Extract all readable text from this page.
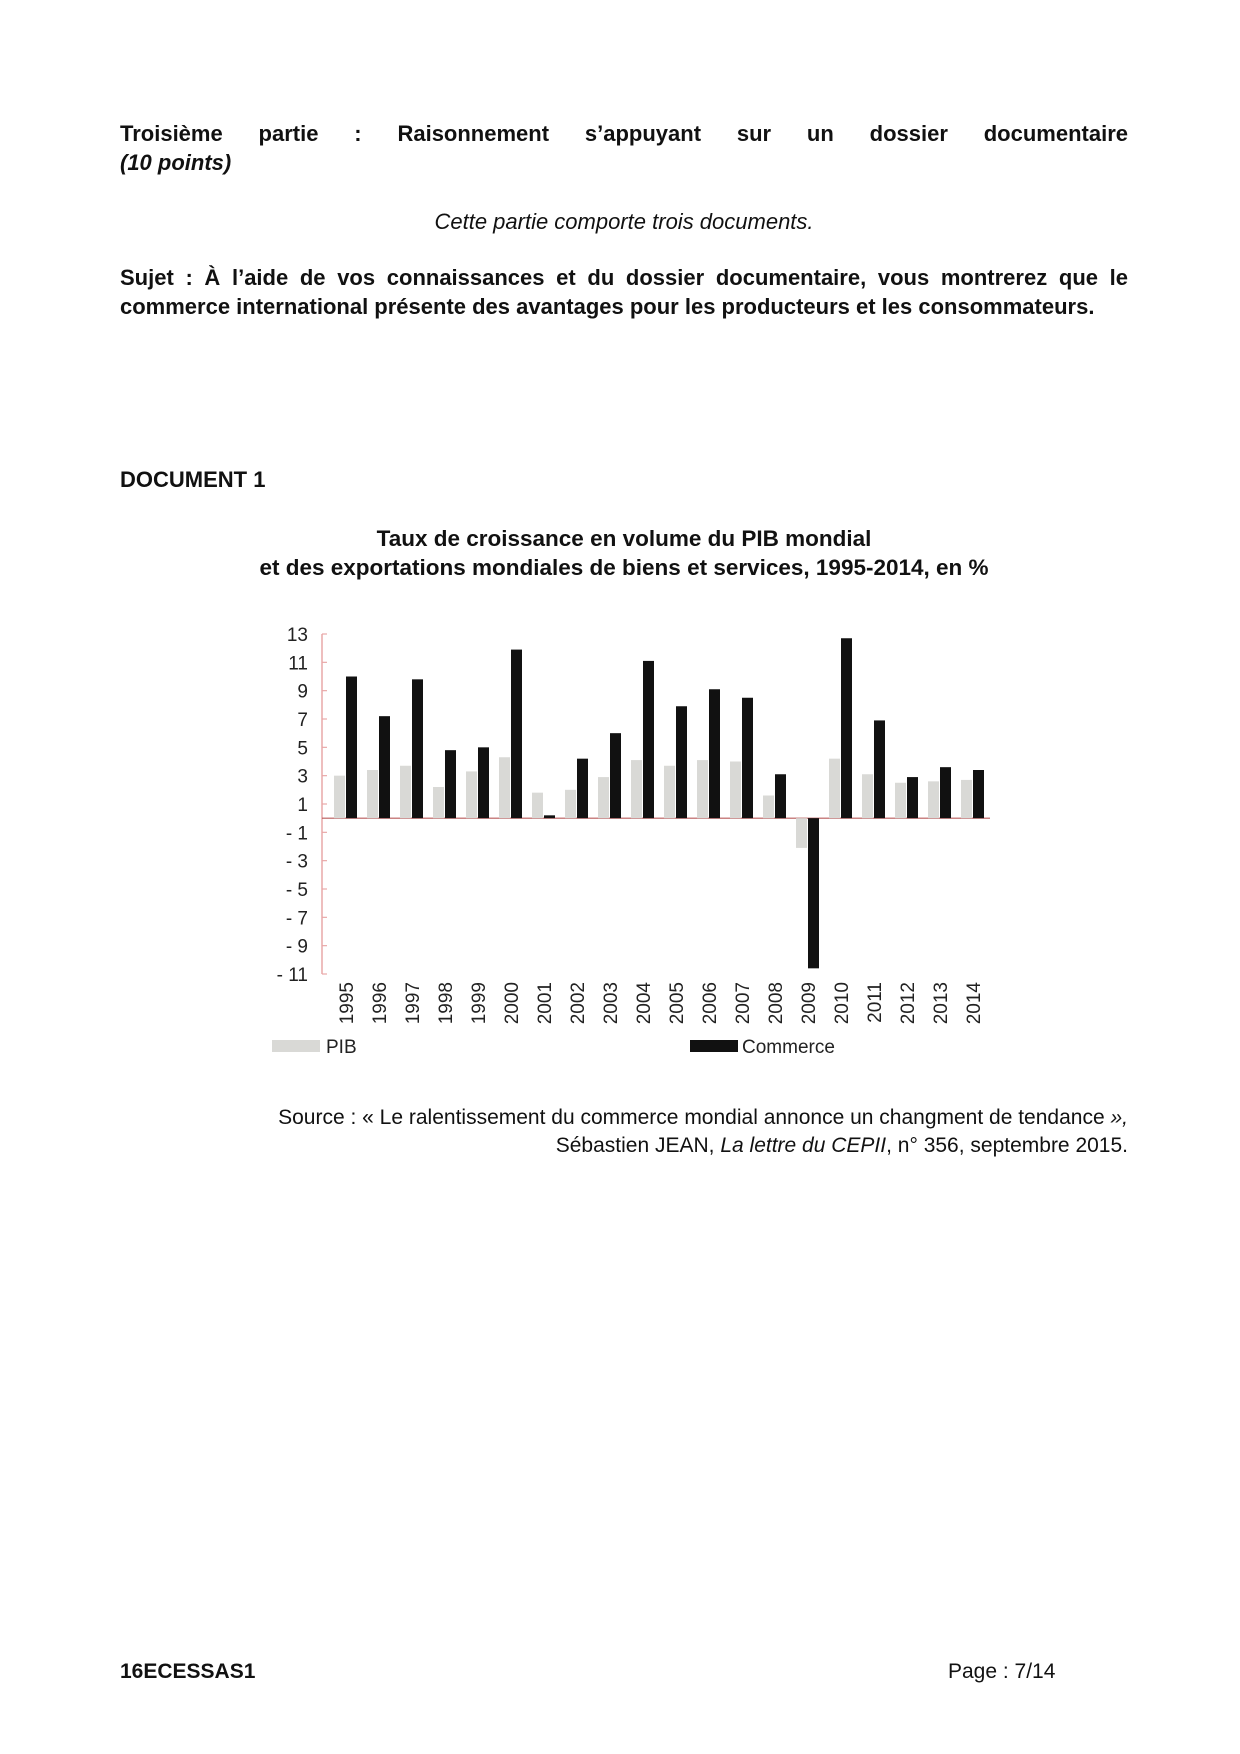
Troisième partie : Raisonnement s’appuyant sur un dossier documentaire
(10 points)
Cette partie comporte trois documents.
Sujet : À l’aide de vos connaissances et du dossier documentaire, vous montrerez que le commerce international présente des avantages pour les producteurs et les consommateurs.
DOCUMENT 1
Taux de croissance en volume du PIB mondial
et des exportations mondiales de biens et services, 1995-2014, en %
13
11
9
7
5
3
1
- 1
- 3
- 5
- 7
- 9
- 11
1995 1996 1997 1998 1999 2000 2001 2002 2003 2004 2005 2006 2007 2008 2009 2010 2011 2012 2013 2014
PIB	Commerce
Source : « Le ralentissement du commerce mondial annonce un changment de tendance »,
Sébastien JEAN, La lettre du CEPII, n° 356, septembre 2015.
16ECESSAS1	Page : 7/14
